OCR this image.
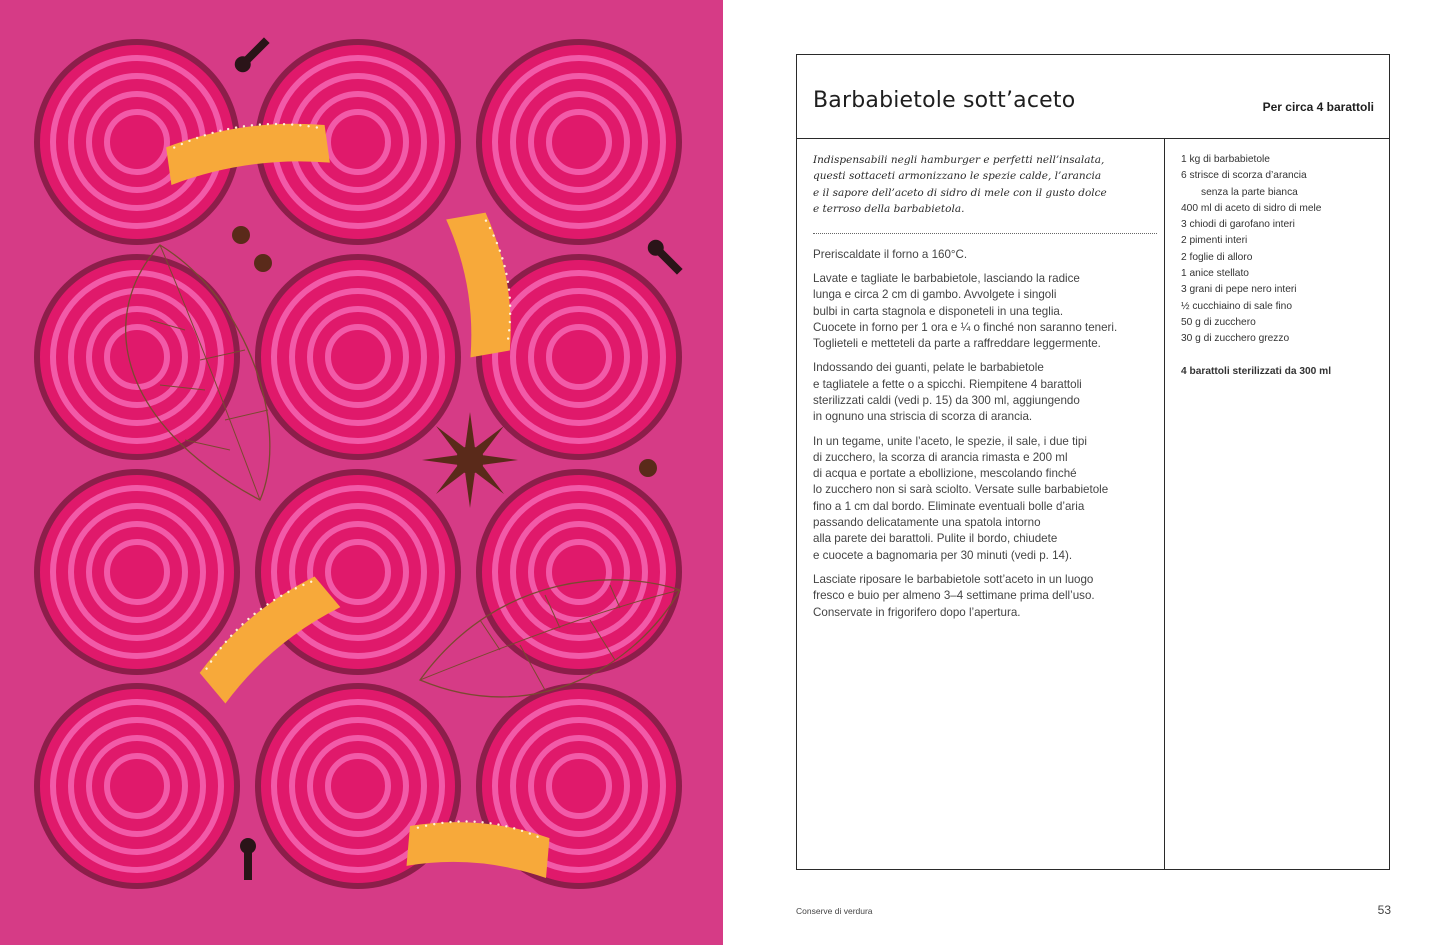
Barbabietole sott’aceto	Per circa 4 barattoli
Indispensabili negli hamburger e perfetti nell’insalata,
questi sottaceti armonizzano le spezie calde, l’arancia
e il sapore dell’aceto di sidro di mele con il gusto dolce
e terroso della barbabietola.

Preriscaldate il forno a 160°C.

Lavate e tagliate le barbabietole, lasciando la radice
lunga e circa 2 cm di gambo. Avvolgete i singoli
bulbi in carta stagnola e disponeteli in una teglia.
Cuocete in forno per 1 ora e ¼ o finché non saranno teneri.
Toglieteli e metteteli da parte a raffreddare leggermente.

Indossando dei guanti, pelate le barbabietole
e tagliatele a fette o a spicchi. Riempitene 4 barattoli
sterilizzati caldi (vedi p. 15) da 300 ml, aggiungendo
in ognuno una striscia di scorza di arancia.

In un tegame, unite l’aceto, le spezie, il sale, i due tipi
di zucchero, la scorza di arancia rimasta e 200 ml
di acqua e portate a ebollizione, mescolando finché
lo zucchero non si sarà sciolto. Versate sulle barbabietole
fino a 1 cm dal bordo. Eliminate eventuali bolle d’aria
passando delicatamente una spatola intorno
alla parete dei barattoli. Pulite il bordo, chiudete
e cuocete a bagnomaria per 30 minuti (vedi p. 14).

Lasciate riposare le barbabietole sott’aceto in un luogo
fresco e buio per almeno 3–4 settimane prima dell’uso.
Conservate in frigorifero dopo l’apertura.

1 kg di barbabietole
6 strisce di scorza d’arancia
senza la parte bianca
400 ml di aceto di sidro di mele
3 chiodi di garofano interi
2 pimenti interi
2 foglie di alloro
1 anice stellato
3 grani di pepe nero interi
½ cucchiaino di sale fino
50 g di zucchero
30 g di zucchero grezzo
4 barattoli sterilizzati da 300 ml
Conserve di verdura	53
